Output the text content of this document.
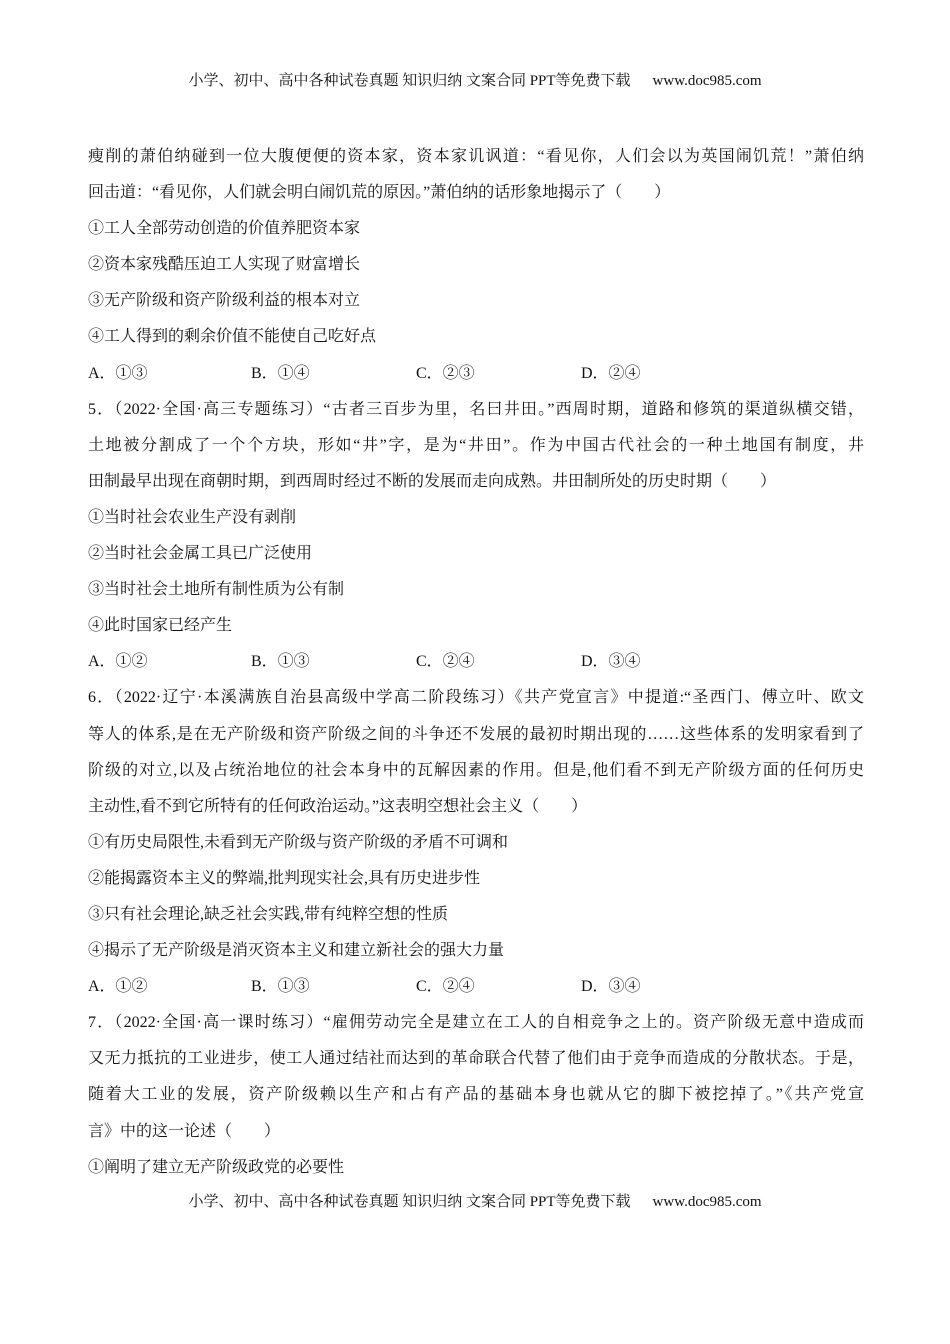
小学、初中、高中各种试卷真题 知识归纳 文案合同 PPT等免费下载 www.doc985.com
瘦削的萧伯纳碰到一位大腹便便的资本家，资本家讥讽道：“看见你，人们会以为英国闹饥荒！”萧伯纳
回击道：“看见你，人们就会明白闹饥荒的原因。”萧伯纳的话形象地揭示了（　　）
①工人全部劳动创造的价值养肥资本家
②资本家残酷压迫工人实现了财富增长
③无产阶级和资产阶级利益的根本对立
④工人得到的剩余价值不能使自己吃好点
A．①③	B．①④	C．②③	D．②④
5．（2022·全国·高三专题练习）“古者三百步为里，名曰井田。”西周时期，道路和修筑的渠道纵横交错，
土地被分割成了一个个方块，形如“井”字，是为“井田”。作为中国古代社会的一种土地国有制度，井
田制最早出现在商朝时期，到西周时经过不断的发展而走向成熟。井田制所处的历史时期（　　）
①当时社会农业生产没有剥削
②当时社会金属工具已广泛使用
③当时社会土地所有制性质为公有制
④此时国家已经产生
A．①②	B．①③	C．②④	D．③④
6．（2022·辽宁·本溪满族自治县高级中学高二阶段练习）《共产党宣言》中提道:“圣西门、傅立叶、欧文
等人的体系,是在无产阶级和资产阶级之间的斗争还不发展的最初时期出现的……这些体系的发明家看到了
阶级的对立,以及占统治地位的社会本身中的瓦解因素的作用。但是,他们看不到无产阶级方面的任何历史
主动性,看不到它所特有的任何政治运动。”这表明空想社会主义（　　）
①有历史局限性,未看到无产阶级与资产阶级的矛盾不可调和
②能揭露资本主义的弊端,批判现实社会,具有历史进步性
③只有社会理论,缺乏社会实践,带有纯粹空想的性质
④揭示了无产阶级是消灭资本主义和建立新社会的强大力量
A．①②	B．①③	C．②④	D．③④
7．（2022·全国·高一课时练习）“雇佣劳动完全是建立在工人的自相竞争之上的。资产阶级无意中造成而
又无力抵抗的工业进步，使工人通过结社而达到的革命联合代替了他们由于竞争而造成的分散状态。于是，
随着大工业的发展，资产阶级赖以生产和占有产品的基础本身也就从它的脚下被挖掉了。”《共产党宣
言》中的这一论述（　　）
①阐明了建立无产阶级政党的必要性
小学、初中、高中各种试卷真题 知识归纳 文案合同 PPT等免费下载 www.doc985.com
